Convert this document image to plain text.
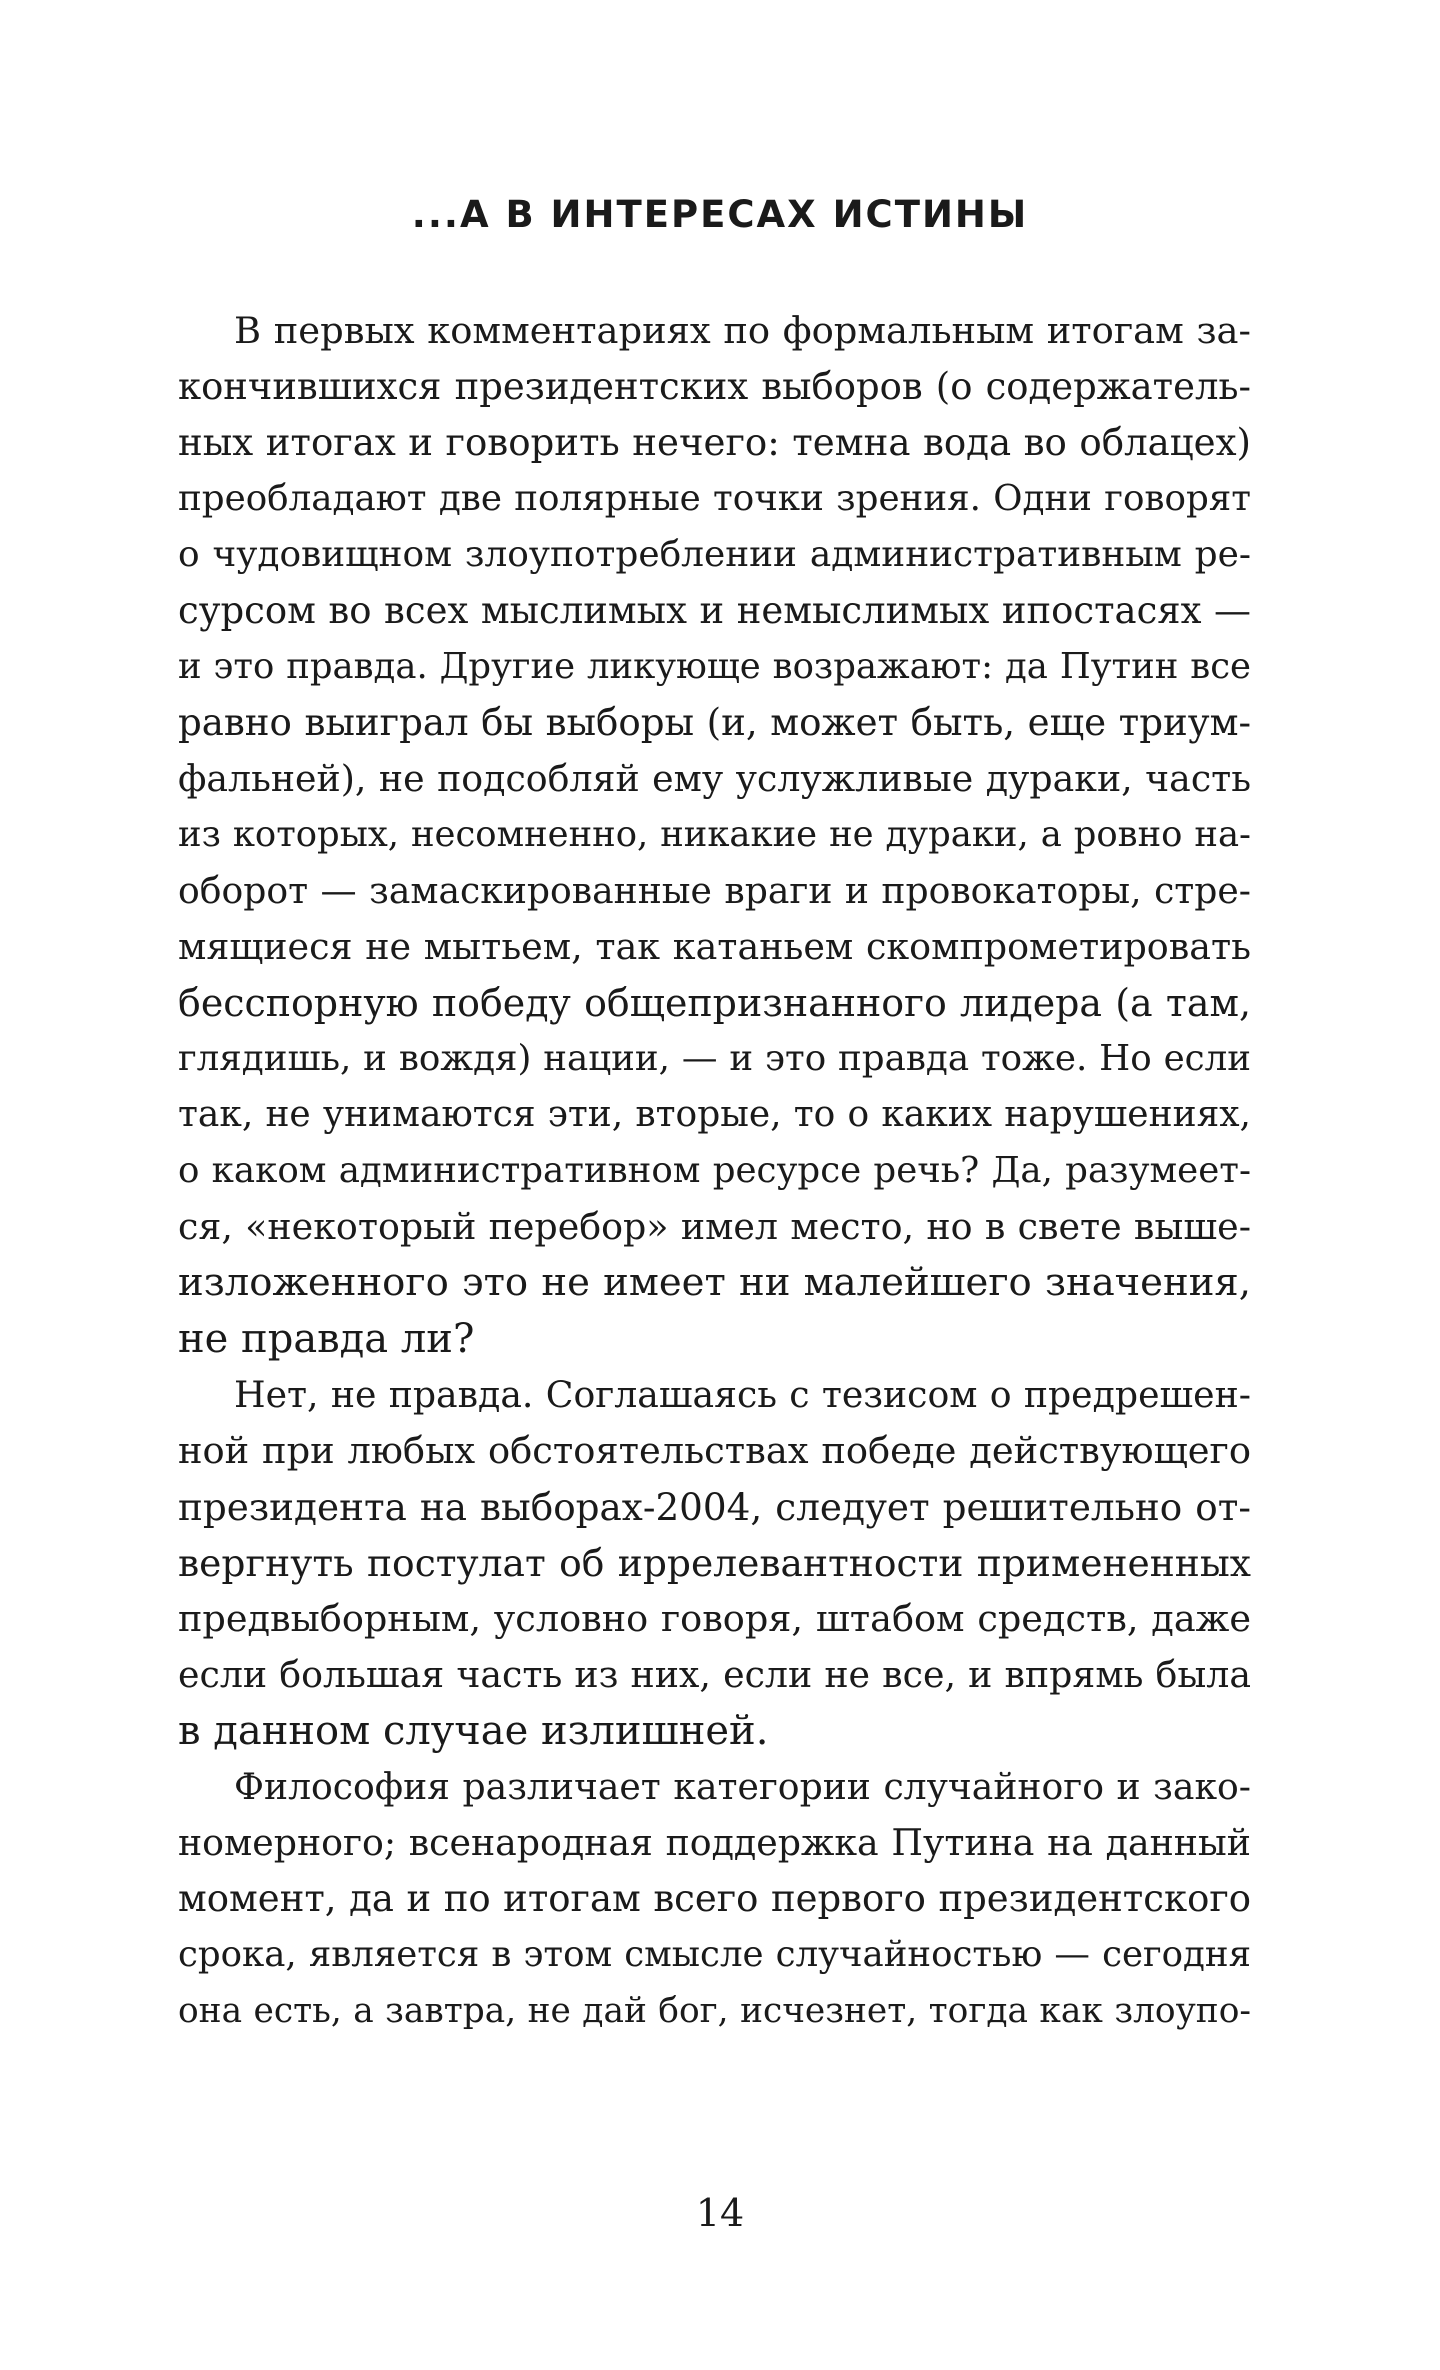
...А В ИНТЕРЕСАХ ИСТИНЫ
В первых комментариях по формальным итогам за-
кончившихся президентских выборов (о содержатель-
ных итогах и говорить нечего: темна вода во облацех)
преобладают две полярные точки зрения. Одни говорят
о чудовищном злоупотреблении административным ре-
сурсом во всех мыслимых и немыслимых ипостасях —
и это правда. Другие ликующе возражают: да Путин все
равно выиграл бы выборы (и, может быть, еще триум-
фальней), не подсобляй ему услужливые дураки, часть
из которых, несомненно, никакие не дураки, а ровно на-
оборот — замаскированные враги и провокаторы, стре-
мящиеся не мытьем, так катаньем скомпрометировать
бесспорную победу общепризнанного лидера (а там,
глядишь, и вождя) нации, — и это правда тоже. Но если
так, не унимаются эти, вторые, то о каких нарушениях,
о каком административном ресурсе речь? Да, разумеет-
ся, «некоторый перебор» имел место, но в свете выше-
изложенного это не имеет ни малейшего значения,
не правда ли?
Нет, не правда. Соглашаясь с тезисом о предрешен-
ной при любых обстоятельствах победе действующего
президента на выборах-2004, следует решительно от-
вергнуть постулат об иррелевантности примененных
предвыборным, условно говоря, штабом средств, даже
если большая часть из них, если не все, и впрямь была
в данном случае излишней.
Философия различает категории случайного и зако-
номерного; всенародная поддержка Путина на данный
момент, да и по итогам всего первого президентского
срока, является в этом смысле случайностью — сегодня
она есть, а завтра, не дай бог, исчезнет, тогда как злоупо-
14
